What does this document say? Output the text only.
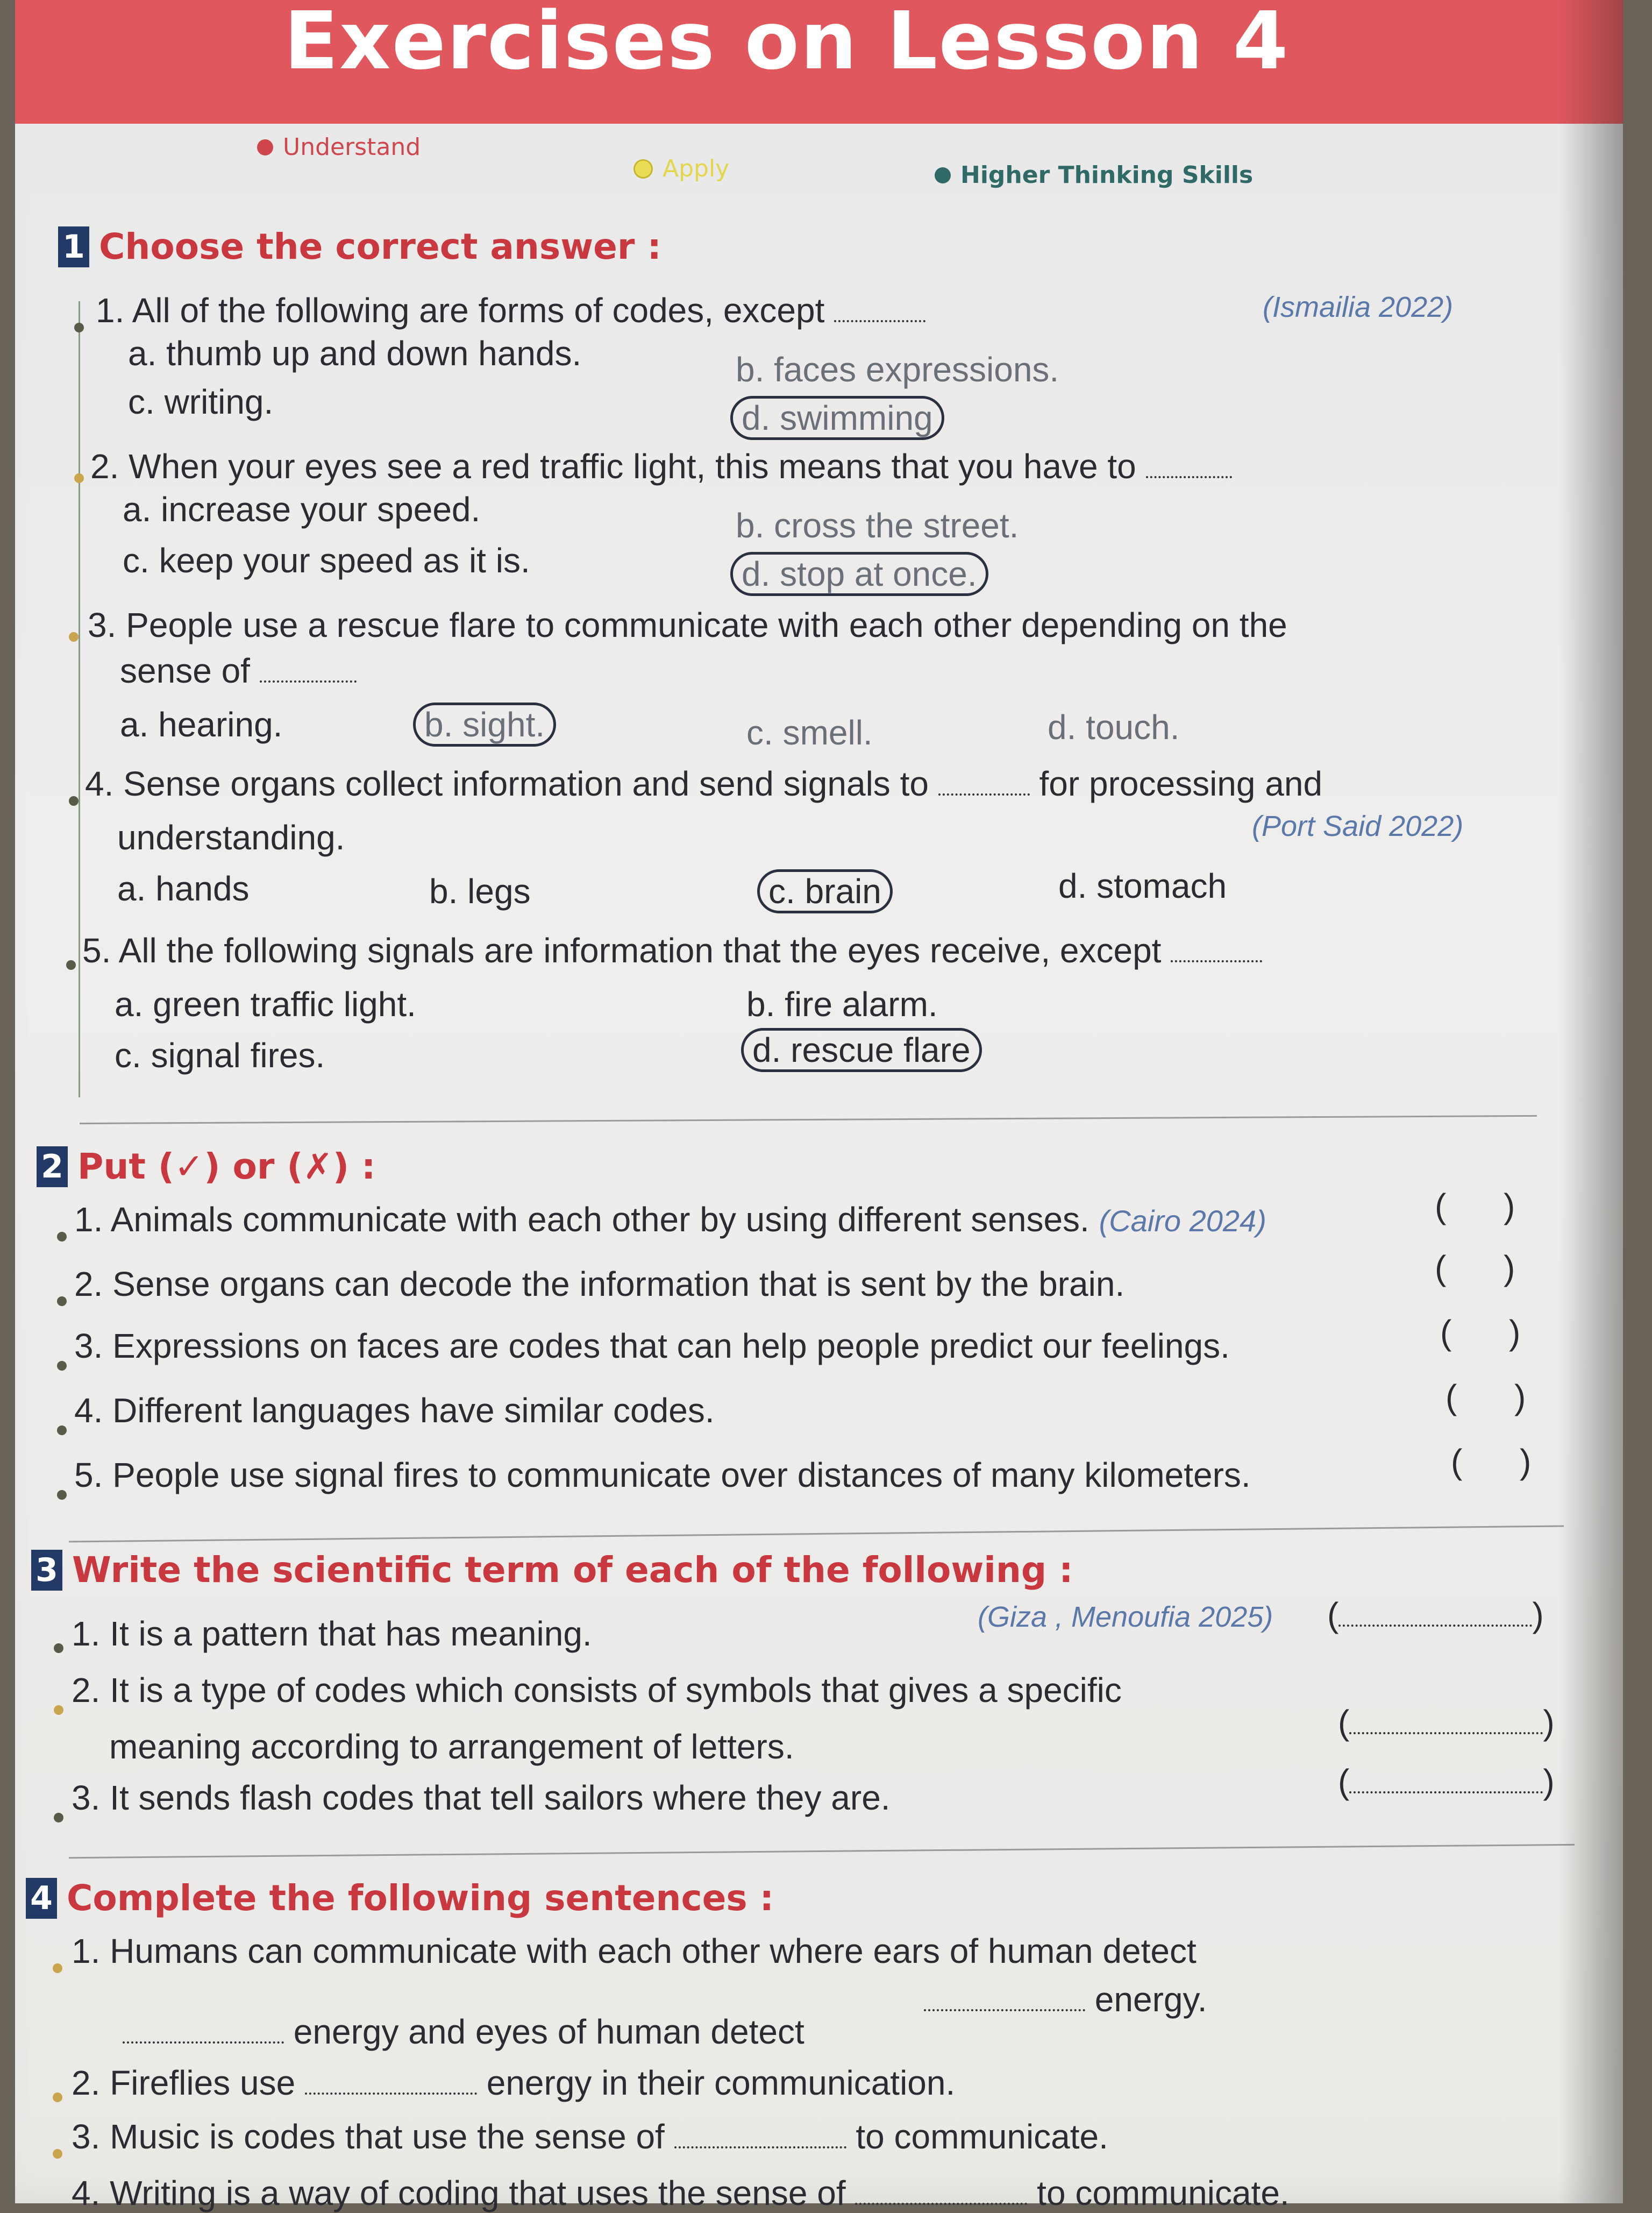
Exercises on Lesson 4
Understand
Apply	Higher Thinking Skills
1 Choose the correct answer :
1. All of the following are forms of codes, except	(Ismailia 2022)
a. thumb up and down hands.	b. faces expressions.
c. writing.	d. swimming
2. When your eyes see a red traffic light, this means that you have to
a. increase your speed.	b. cross the street.
c. keep your speed as it is.	d. stop at once.
3. People use a rescue flare to communicate with each other depending on the
sense of
a. hearing.	b. sight.	c. smell.	d. touch.
4. Sense organs collect information and send signals to	for processing and
understanding.	(Port Said 2022)
a. hands	b. legs	c. brain	d. stomach
5. All the following signals are information that the eyes receive, except
a. green traffic light.	b. fire alarm.
c. signal fires.	d. rescue flare
2 Put (✓) or (✗) :
1. Animals communicate with each other by using different senses. (Cairo 2024)	(      )
2. Sense organs can decode the information that is sent by the brain.	(      )
3. Expressions on faces are codes that can help people predict our feelings.	(      )
4. Different languages have similar codes.	(      )
5. People use signal fires to communicate over distances of many kilometers.	(      )
3 Write the scientific term of each of the following :
(Giza , Menoufia 2025)
1. It is a pattern that has meaning.	(	)
2. It is a type of codes which consists of symbols that gives a specific
meaning according to arrangement of letters.
(	)
3. It sends flash codes that tell sailors where they are.	(	)
4 Complete the following sentences :
1. Humans can communicate with each other where ears of human detect
energy.
energy and eyes of human detect
2. Fireflies use	energy in their communication.
3. Music is codes that use the sense of	to communicate.
4. Writing is a way of coding that uses the sense of	to communicate.
